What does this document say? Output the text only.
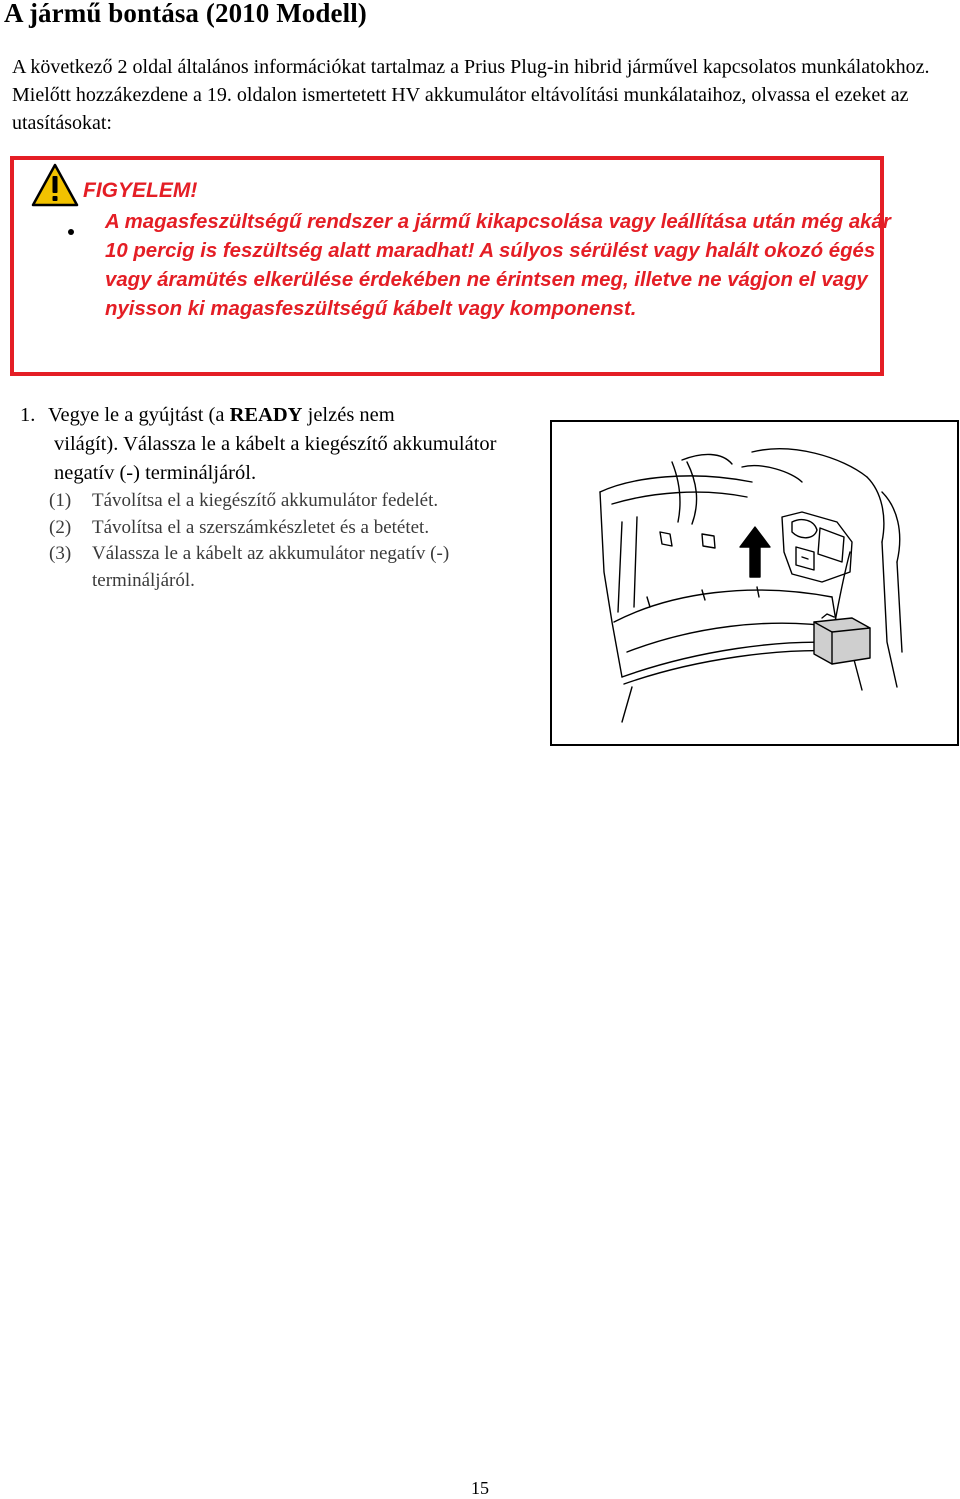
A jármű bontása (2010 Modell)

A következő 2 oldal általános információkat tartalmaz a Prius Plug-in hibrid járművel kapcsolatos munkálatokhoz. Mielőtt hozzákezdene a 19. oldalon ismertetett HV akkumulátor eltávolítási munkálataihoz, olvassa el ezeket az utasításokat:

FIGYELEM!

A magasfeszültségű rendszer a jármű kikapcsolása vagy leállítása után még akár 10 percig is feszültség alatt maradhat! A súlyos sérülést vagy halált okozó égés vagy áramütés elkerülése érdekében ne érintsen meg, illetve ne vágjon el vagy nyisson ki magasfeszültségű kábelt vagy komponenst.

1. Vegye le a gyújtást (a READY jelzés nem
világít). Válassza le a kábelt a kiegészítő akkumulátor negatív (-) terminálјáról.
(1) Távolítsa el a kiegészítő akkumulátor fedelét.
(2) Távolítsa el a szerszámkészletet és a betétet.
(3) Válassza le a kábelt az akkumulátor negatív (-) terminálјáról.
15
